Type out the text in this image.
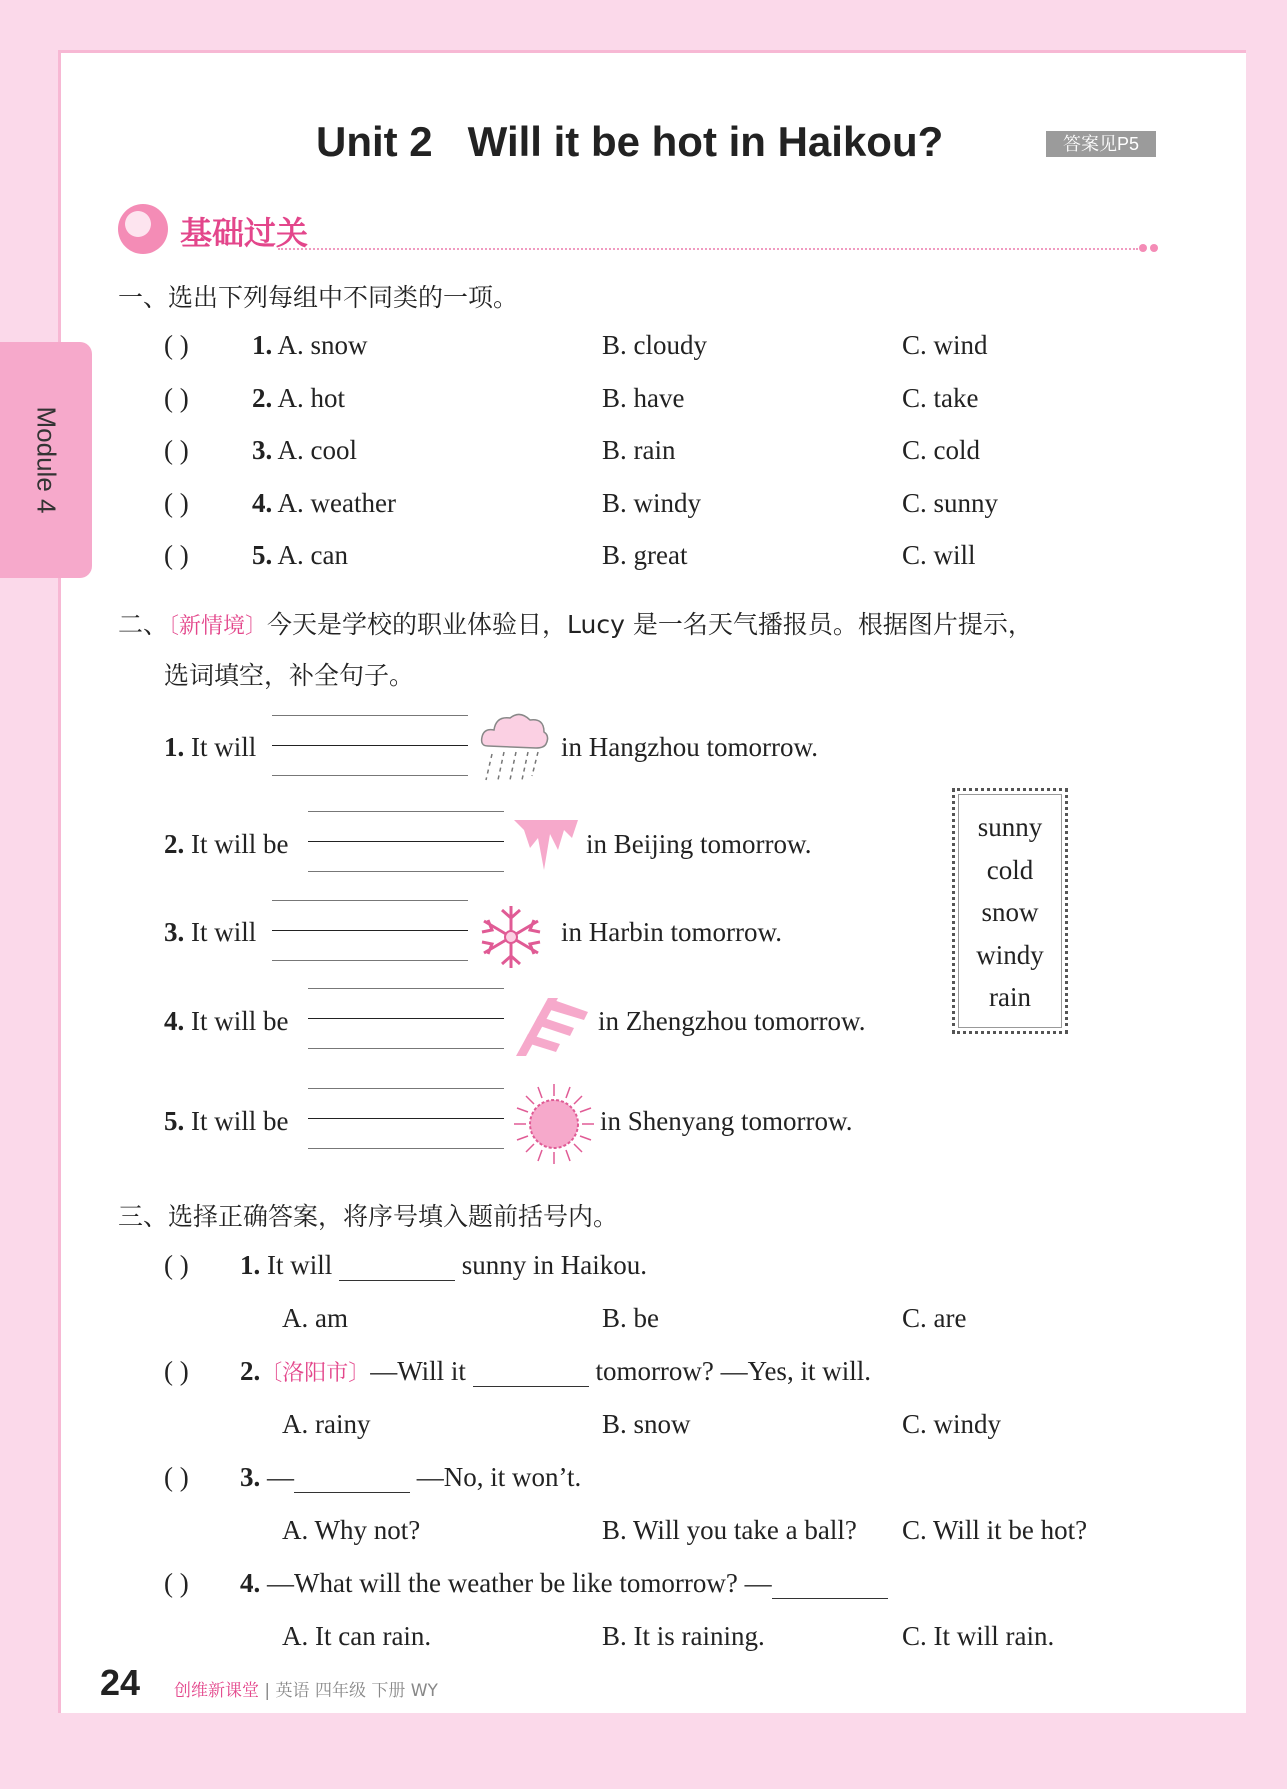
Module 4
Unit 2   Will it be hot in Haikou?	答案见P5
基础过关
一、选出下列每组中不同类的一项。
( ) 1. A. snow	B. cloudy	C. wind
( ) 2. A. hot	B. have	C. take
( ) 3. A. cool	B. rain	C. cold
( ) 4. A. weather	B. windy	C. sunny
( ) 5. A. can	B. great	C. will
二、〔新情境〕今天是学校的职业体验日，Lucy 是一名天气播报员。根据图片提示，
选词填空，补全句子。
1. It will	in Hangzhou tomorrow.
2. It will be	in Beijing tomorrow.
3. It will	in Harbin tomorrow.
4. It will be	in Zhengzhou tomorrow.
5. It will be	in Shenyang tomorrow.
sunny
cold
snow
windy
rain
三、选择正确答案，将序号填入题前括号内。
( ) 1. It will	sunny in Haikou.
A. am	B. be	C. are
( ) 2.〔洛阳市〕—Will it	tomorrow? —Yes, it will.
A. rainy	B. snow	C. windy
( ) 3. —	—No, it won’t.
A. Why not?	B. Will you take a ball? C. Will it be hot?
( ) 4. —What will the weather be like tomorrow? —
A. It can rain.	B. It is raining.	C. It will rain.
24 创维新课堂 | 英语 四年级 下册 WY
